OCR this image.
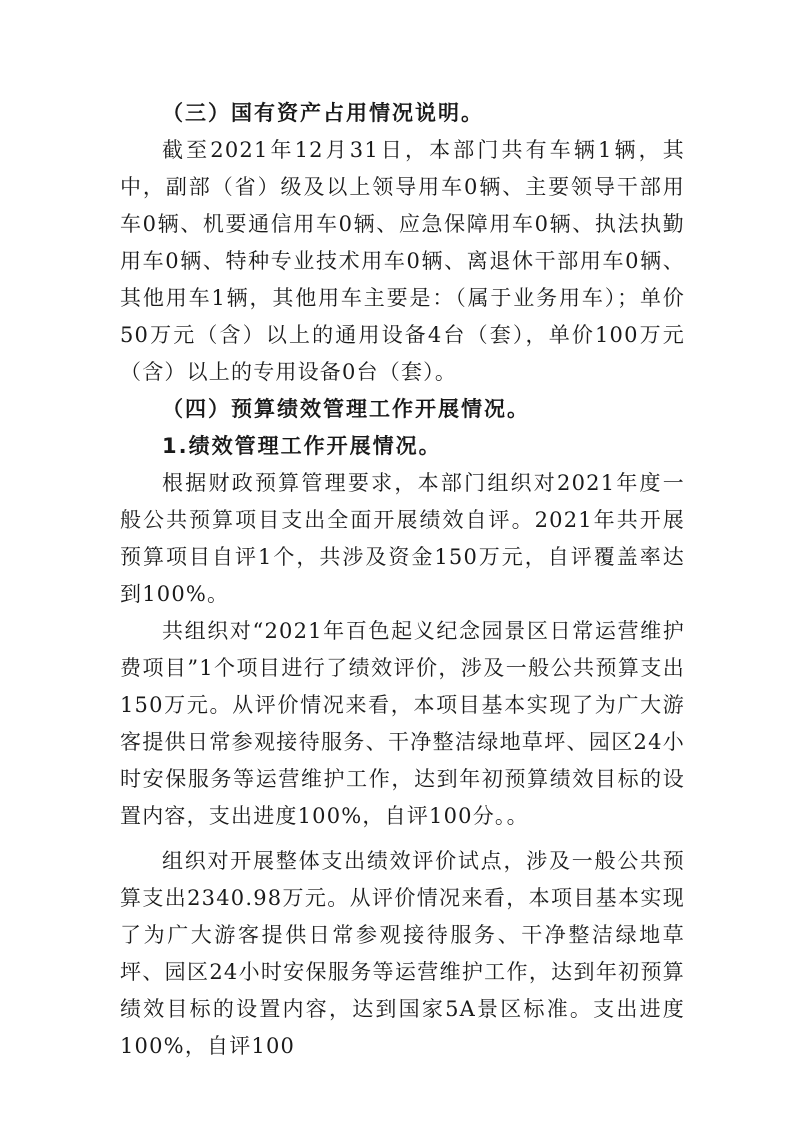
（三）国有资产占用情况说明。

截至2021年12月31日，本部门共有车辆1辆，其中，副部（省）级及以上领导用车0辆、主要领导干部用车0辆、机要通信用车0辆、应急保障用车0辆、执法执勤用车0辆、特种专业技术用车0辆、离退休干部用车0辆、其他用车1辆，其他用车主要是：（属于业务用车）；单价50万元（含）以上的通用设备4台（套），单价100万元（含）以上的专用设备0台（套）。

（四）预算绩效管理工作开展情况。

1.绩效管理工作开展情况。

根据财政预算管理要求，本部门组织对2021年度一般公共预算项目支出全面开展绩效自评。2021年共开展预算项目自评1个，共涉及资金150万元，自评覆盖率达到100%。

共组织对“2021年百色起义纪念园景区日常运营维护费项目”1个项目进行了绩效评价，涉及一般公共预算支出150万元。从评价情况来看，本项目基本实现了为广大游客提供日常参观接待服务、干净整洁绿地草坪、园区24小时安保服务等运营维护工作，达到年初预算绩效目标的设置内容，支出进度100%，自评100分。。

组织对开展整体支出绩效评价试点，涉及一般公共预算支出2340.98万元。从评价情况来看，本项目基本实现了为广大游客提供日常参观接待服务、干净整洁绿地草坪、园区24小时安保服务等运营维护工作，达到年初预算绩效目标的设置内容，达到国家5A景区标准。支出进度100%，自评100
